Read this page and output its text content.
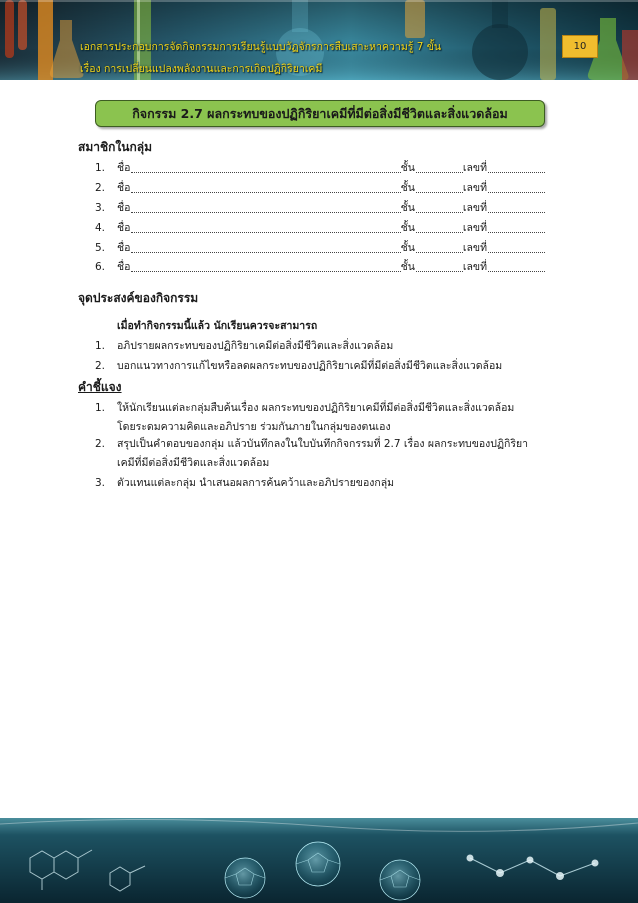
เอกสารประกอบการจัดกิจกรรมการเรียนรู้แบบวัฏจักรการสืบเสาะหาความรู้ 7 ขั้น
เรื่อง การเปลี่ยนแปลงพลังงานและการเกิดปฏิกิริยาเคมี
10
กิจกรรม 2.7 ผลกระทบของปฏิกิริยาเคมีที่มีต่อสิ่งมีชีวิตและสิ่งแวดล้อม
สมาชิกในกลุ่ม
1.	ชื่อ	ชั้น	เลขที่
2.	ชื่อ	ชั้น	เลขที่
3.	ชื่อ	ชั้น	เลขที่
4.	ชื่อ	ชั้น	เลขที่
5.	ชื่อ	ชั้น	เลขที่
6.	ชื่อ	ชั้น	เลขที่
จุดประสงค์ของกิจกรรม
เมื่อทำกิจกรรมนี้แล้ว นักเรียนควรจะสามารถ
1. อภิปรายผลกระทบของปฏิกิริยาเคมีต่อสิ่งมีชีวิตและสิ่งแวดล้อม
2. บอกแนวทางการแก้ไขหรือลดผลกระทบของปฏิกิริยาเคมีที่มีต่อสิ่งมีชีวิตและสิ่งแวดล้อม
คำชี้แจง
1. ให้นักเรียนแต่ละกลุ่มสืบค้นเรื่อง ผลกระทบของปฏิกิริยาเคมีที่มีต่อสิ่งมีชีวิตและสิ่งแวดล้อม
โดยระดมความคิดและอภิปราย ร่วมกันภายในกลุ่มของตนเอง
2. สรุปเป็นคำตอบของกลุ่ม แล้วบันทึกลงในใบบันทึกกิจกรรมที่ 2.7 เรื่อง ผลกระทบของปฏิกิริยา
เคมีที่มีต่อสิ่งมีชีวิตและสิ่งแวดล้อม
3. ตัวแทนแต่ละกลุ่ม นำเสนอผลการค้นคว้าและอภิปรายของกลุ่ม
